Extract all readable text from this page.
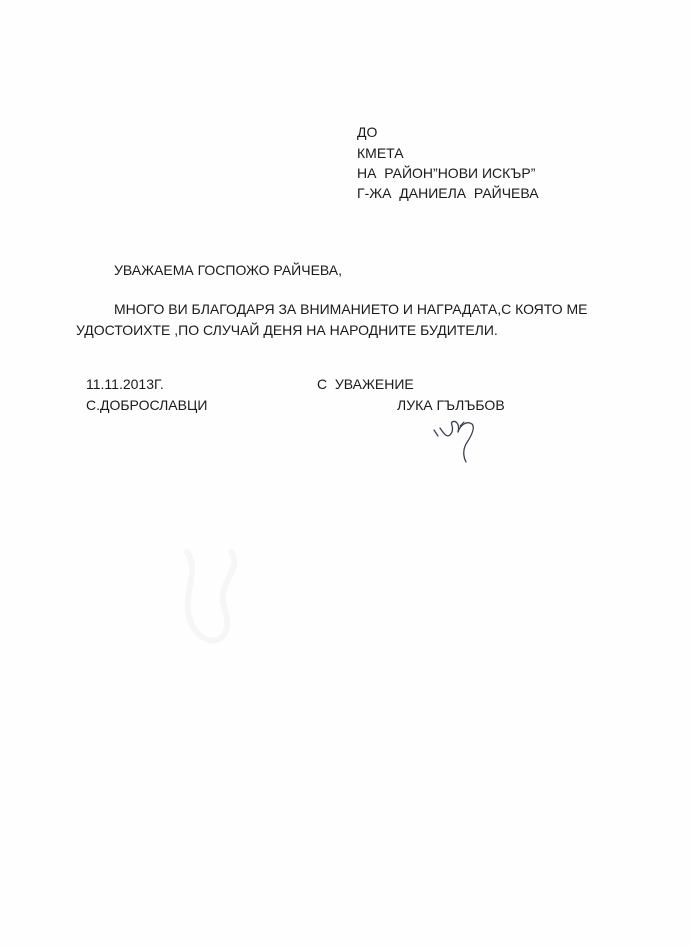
ДО
КМЕТА
НА  РАЙОН”НОВИ ИСКЪР”
Г-ЖА  ДАНИЕЛА  РАЙЧЕВА
УВАЖАЕМА ГОСПОЖО РАЙЧЕВА,
МНОГО ВИ БЛАГОДАРЯ ЗА ВНИМАНИЕТО И НАГРАДАТА,С КОЯТО МЕ
УДОСТОИХТЕ ,ПО СЛУЧАЙ ДЕНЯ НА НАРОДНИТЕ БУДИТЕЛИ.
11.11.2013Г.
С.ДОБРОСЛАВЦИ
С  УВАЖЕНИЕ
ЛУКА ГЪЛЪБОВ
